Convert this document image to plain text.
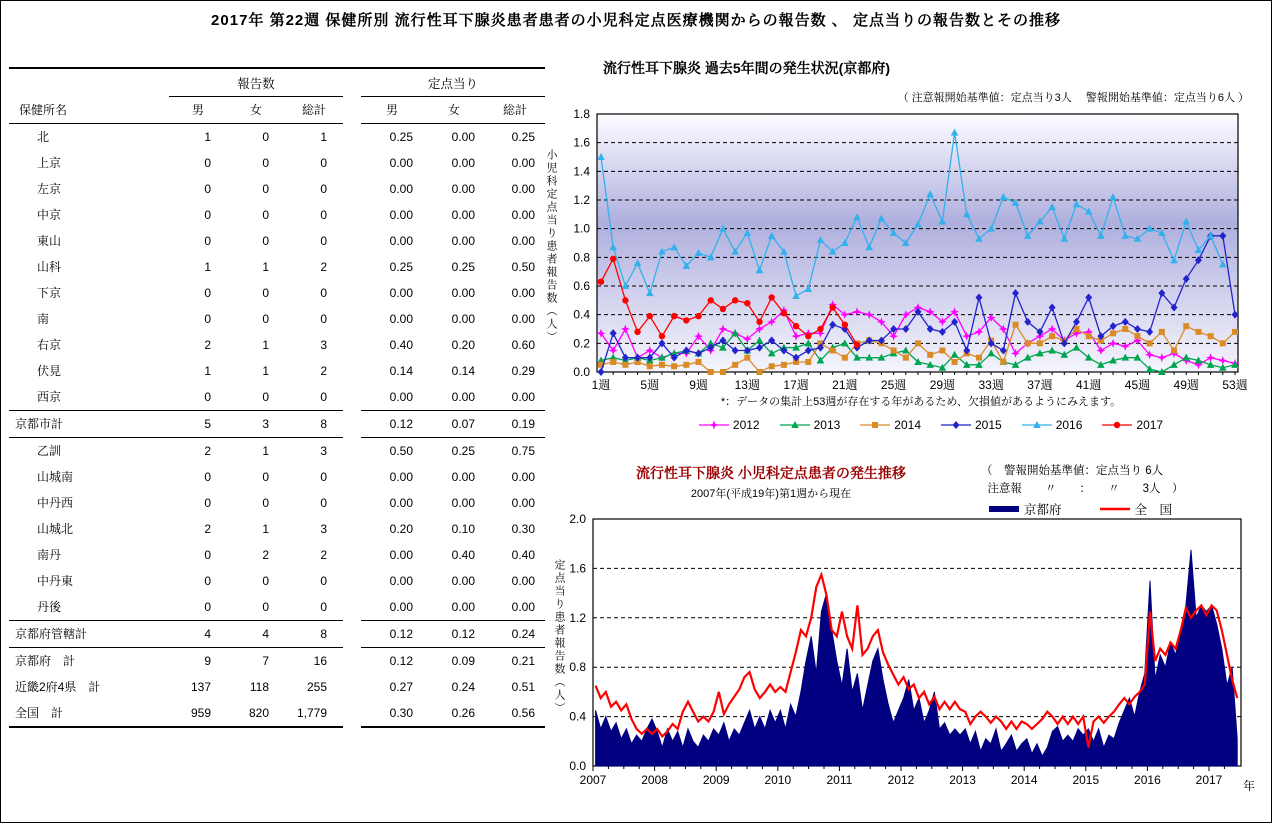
2017年 第22週 保健所別 流行性耳下腺炎患者患者の小児科定点医療機関からの報告数 、 定点当りの報告数とその推移
	報告数				定点当り		
保健所名	男	女	総計		男	女	総計
北	1	0	1		0.25	0.00	0.25
上京	0	0	0		0.00	0.00	0.00
左京	0	0	0		0.00	0.00	0.00
中京	0	0	0		0.00	0.00	0.00
東山	0	0	0		0.00	0.00	0.00
山科	1	1	2		0.25	0.25	0.50
下京	0	0	0		0.00	0.00	0.00
南	0	0	0		0.00	0.00	0.00
右京	2	1	3		0.40	0.20	0.60
伏見	1	1	2		0.14	0.14	0.29
西京	0	0	0		0.00	0.00	0.00
京都市計	5	3	8		0.12	0.07	0.19
乙訓	2	1	3		0.50	0.25	0.75
山城南	0	0	0		0.00	0.00	0.00
中丹西	0	0	0		0.00	0.00	0.00
山城北	2	1	3		0.20	0.10	0.30
南丹	0	2	2		0.00	0.40	0.40
中丹東	0	0	0		0.00	0.00	0.00
丹後	0	0	0		0.00	0.00	0.00
京都府管轄計	4	4	8		0.12	0.12	0.24
京都府　計	9	7	16		0.12	0.09	0.21
近畿2府4県　計	137	118	255		0.27	0.24	0.51
全国　計	959	820	1,779		0.30	0.26	0.56
流行性耳下腺炎 過去5年間の発生状況(京都府)
（ 注意報開始基準値：定点当り3人　 警報開始基準値：定点当り6人 ）
小児科定点当り患者報告数（人）
0.0
0.2
0.4
0.6
0.8
1.0
1.2
1.4
1.6
1.8
1週	5週	9週 13週 17週 21週 25週 29週 33週 37週 41週 45週 49週 53週
*：データの集計上53週が存在する年があるため、欠損値があるようにみえます。
2012	2013	2014	2015	2016	2017
流行性耳下腺炎 小児科定点患者の発生推移
2007年(平成19年)第1週から現在
（　警報開始基準値：定点当り 6人
注意報　　〃　　：　　〃　　3人　）
京都府	全　国
定点当り患者報告数（人）
0.0
0.4
0.8
1.2
1.6
2.0
2007	2008	2009	2010	2011	2012	2013	2014	2015	2016	2017 年
